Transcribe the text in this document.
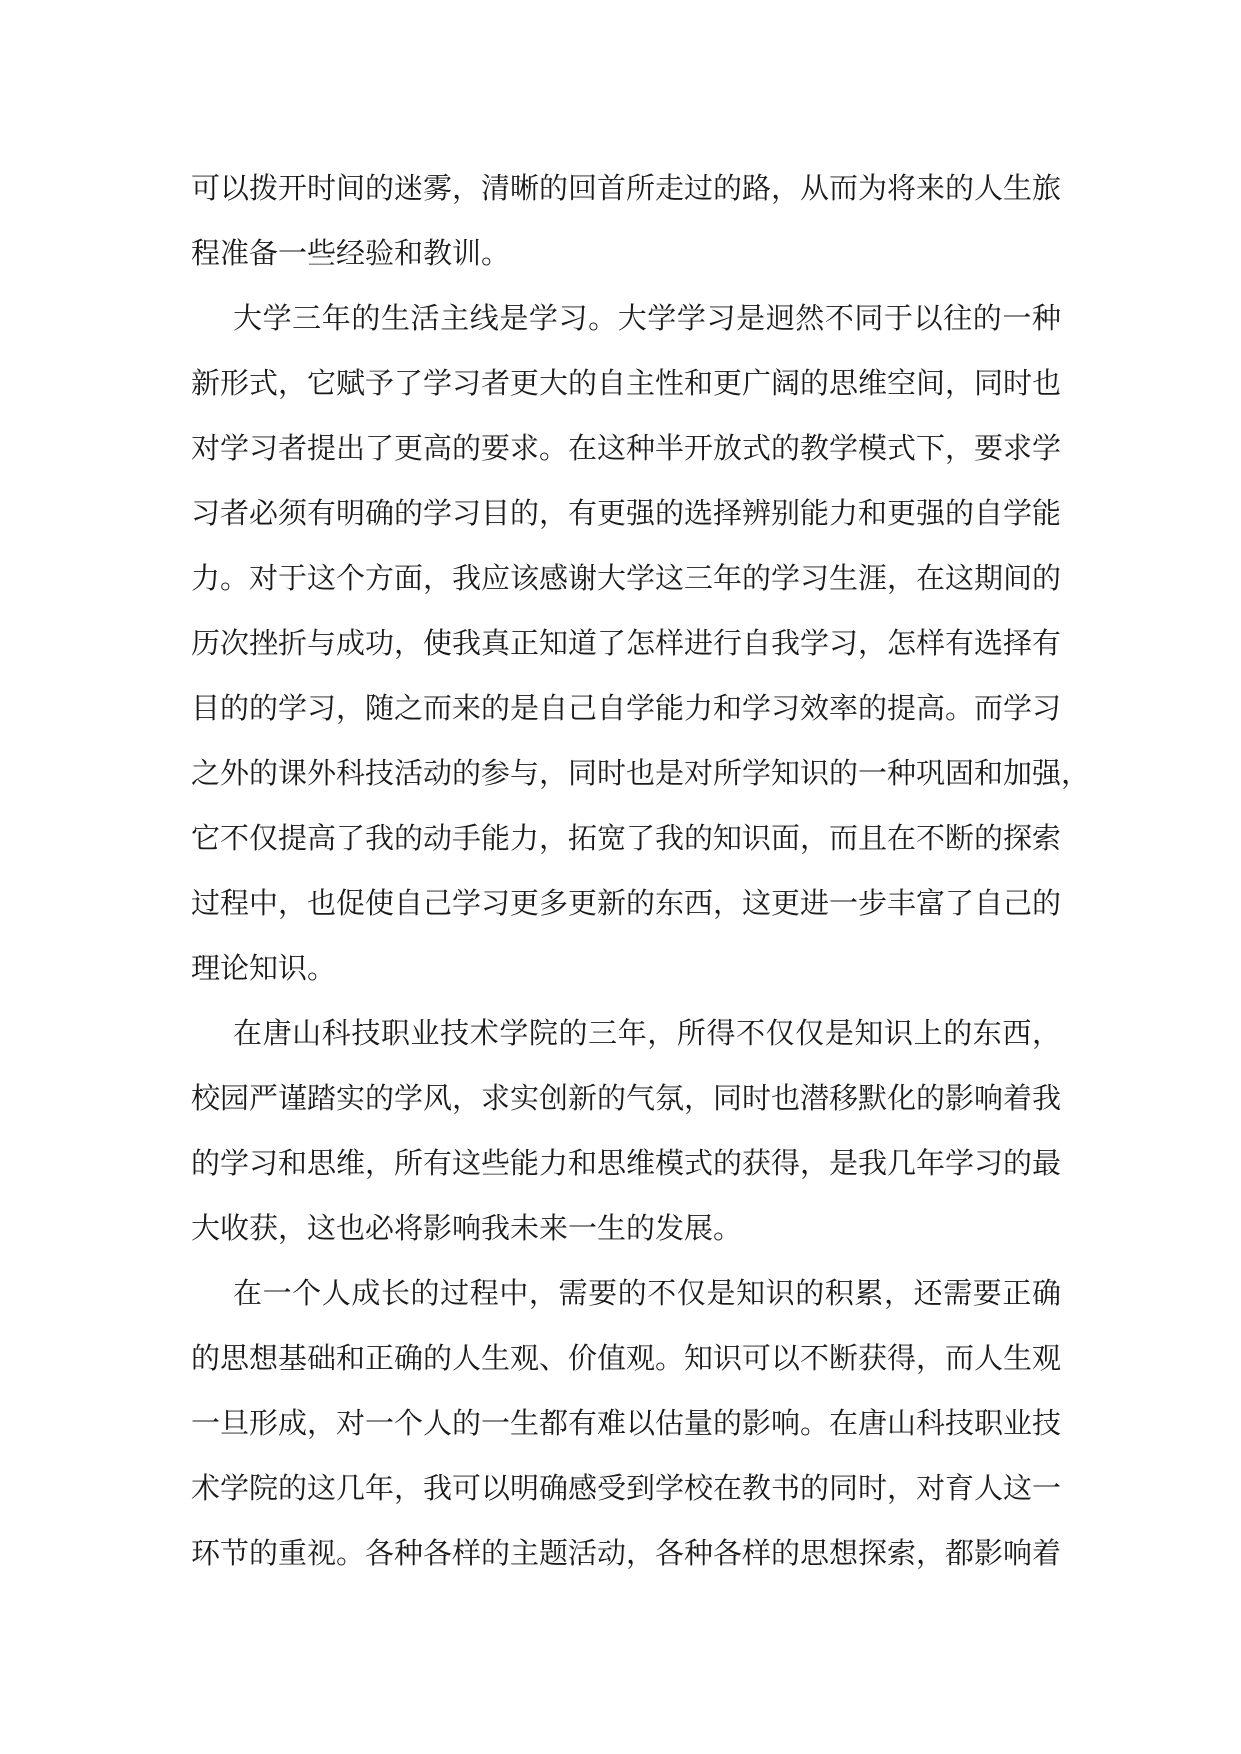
可以拨开时间的迷雾，清晰的回首所走过的路，从而为将来的人生旅
程准备一些经验和教训。
大学三年的生活主线是学习。大学学习是迥然不同于以往的一种
新形式，它赋予了学习者更大的自主性和更广阔的思维空间，同时也
对学习者提出了更高的要求。在这种半开放式的教学模式下，要求学
习者必须有明确的学习目的，有更强的选择辨别能力和更强的自学能
力。对于这个方面，我应该感谢大学这三年的学习生涯，在这期间的
历次挫折与成功，使我真正知道了怎样进行自我学习，怎样有选择有
目的的学习，随之而来的是自己自学能力和学习效率的提高。而学习
之外的课外科技活动的参与，同时也是对所学知识的一种巩固和加强，
它不仅提高了我的动手能力，拓宽了我的知识面，而且在不断的探索
过程中，也促使自己学习更多更新的东西，这更进一步丰富了自己的
理论知识。
在唐山科技职业技术学院的三年，所得不仅仅是知识上的东西，
校园严谨踏实的学风，求实创新的气氛，同时也潜移默化的影响着我
的学习和思维，所有这些能力和思维模式的获得，是我几年学习的最
大收获，这也必将影响我未来一生的发展。
在一个人成长的过程中，需要的不仅是知识的积累，还需要正确
的思想基础和正确的人生观、价值观。知识可以不断获得，而人生观
一旦形成，对一个人的一生都有难以估量的影响。在唐山科技职业技
术学院的这几年，我可以明确感受到学校在教书的同时，对育人这一
环节的重视。各种各样的主题活动，各种各样的思想探索，都影响着
